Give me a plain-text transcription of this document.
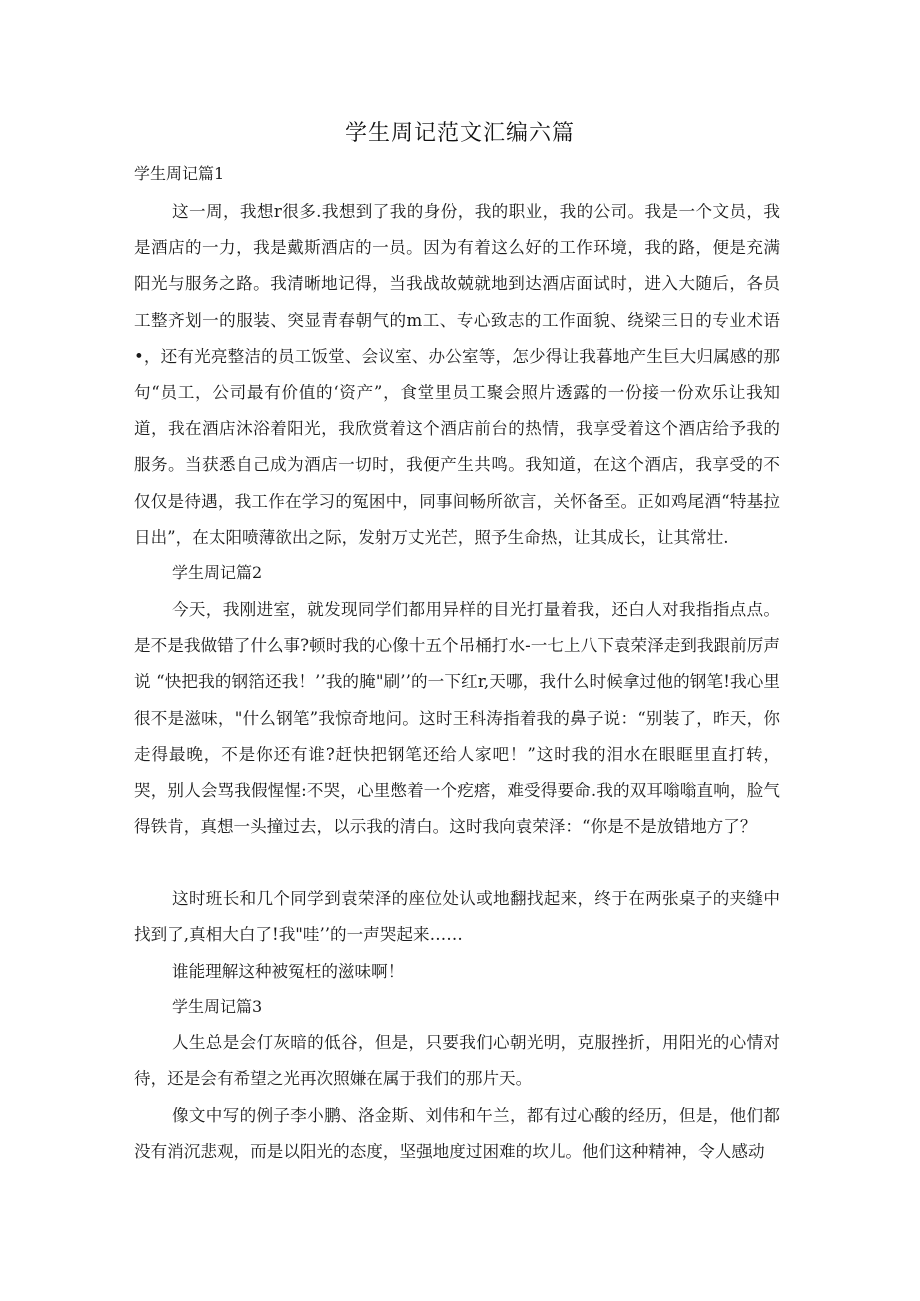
学生周记范文汇编六篇
学生周记篇1

这一周，我想r很多.我想到了我的身份，我的职业，我的公司。我是一个文员，我是酒店的一力，我是戴斯酒店的一员。因为有着这么好的工作环境，我的路，便是充满阳光与服务之路。我清晰地记得，当我战故兢就地到达酒店面试时，进入大随后，各员工整齐划一的服装、突显青春朝气的m工、专心致志的工作面貌、绕梁三日的专业术语•，还有光亮整洁的员工饭堂、会议室、办公室等，怎少得让我暮地产生巨大归属感的那句“员工，公司最有价值的‘资产”，食堂里员工聚会照片透露的一份接一份欢乐让我知道，我在酒店沐浴着阳光，我欣赏着这个酒店前台的热情，我享受着这个酒店给予我的服务。当获悉自己成为酒店一切时，我便产生共鸣。我知道，在这个酒店，我享受的不仅仅是待遇，我工作在学习的冤困中，同事间畅所欲言，关怀备至。正如鸡尾酒“特基拉日出”，在太阳喷薄欲出之际，发射万丈光芒，照予生命热，让其成长，让其常壮.

学生周记篇2

今天，我刚进室，就发现同学们都用异样的目光打量着我，还白人对我指指点点。是不是我做错了什么事?顿时我的心像十五个吊桶打水-一七上八下袁荣泽走到我跟前厉声说 “快把我的钢箔还我！’’我的腌"刷’’的一下红r,天哪，我什么时候拿过他的钢笔!我心里很不是滋味，"什么钢笔”我惊奇地问。这时王科涛指着我的鼻子说：“别装了，昨天，你走得最晚，不是你还有谁?赶快把钢笔还给人家吧！”这时我的泪水在眼眶里直打转，哭，别人会骂我假惺惺:不哭，心里憋着一个疙瘩，难受得要命.我的双耳嗡嗡直响，脸气得铁肯，真想一头撞过去，以示我的清白。这时我向袁荣泽：“你是不是放错地方了？

这时班长和几个同学到袁荣泽的座位处认或地翻找起来，终于在两张桌子的夹缝中找到了,真相大白了!我"哇’’的一声哭起来……

谁能理解这种被冤枉的滋味啊！

学生周记篇3

人生总是会仃灰暗的低谷，但是，只要我们心朝光明，克服挫折，用阳光的心情对待，还是会有希望之光再次照嫌在属于我们的那片天。

像文中写的例子李小鹏、洛金斯、刘伟和午兰，都有过心酸的经历，但是，他们都没有消沉悲观，而是以阳光的态度，坚强地度过困难的坎儿。他们这种精神，令人感动
